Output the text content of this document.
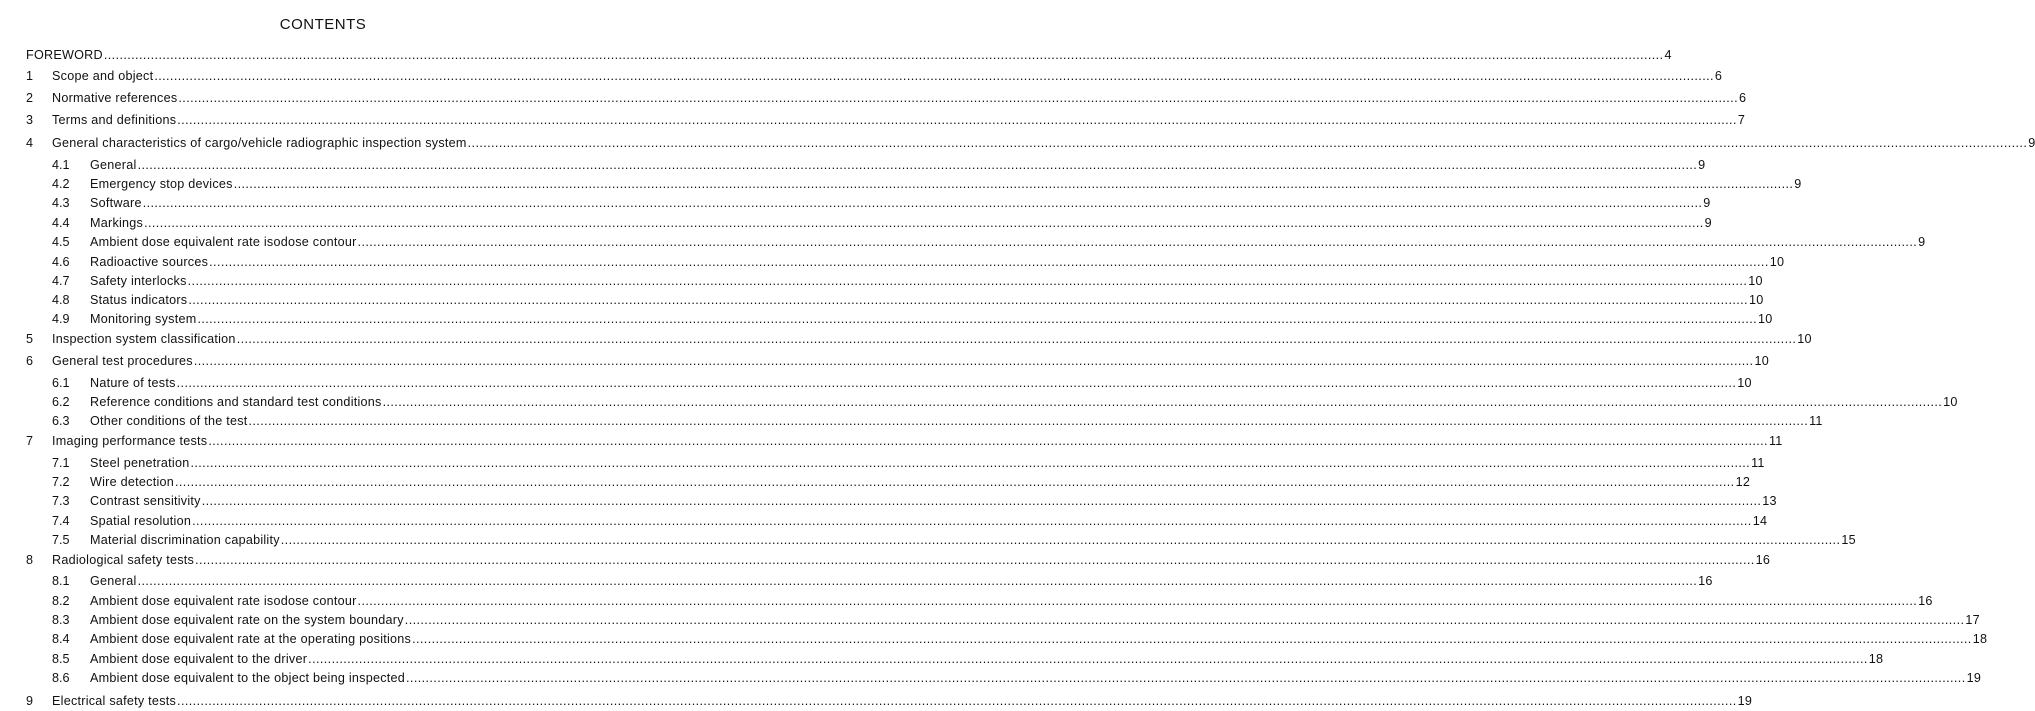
CONTENTS
FOREWORD ................................................................................................................................................................................................................................................................................................................................................................................................................ 4
1 Scope and object ................................................................................................................................................................................................................................................................................................................................................................................................................ 6
2 Normative references ................................................................................................................................................................................................................................................................................................................................................................................................................ 6
3 Terms and definitions ................................................................................................................................................................................................................................................................................................................................................................................................................ 7
4 General characteristics of cargo/vehicle radiographic inspection system ................................................................................................................................................................................................................................................................................................................................................................................................................ 9
4.1 General ................................................................................................................................................................................................................................................................................................................................................................................................................ 9
4.2 Emergency stop devices ................................................................................................................................................................................................................................................................................................................................................................................................................ 9
4.3 Software ................................................................................................................................................................................................................................................................................................................................................................................................................ 9
4.4 Markings ................................................................................................................................................................................................................................................................................................................................................................................................................ 9
4.5 Ambient dose equivalent rate isodose contour ................................................................................................................................................................................................................................................................................................................................................................................................................ 9
4.6 Radioactive sources ................................................................................................................................................................................................................................................................................................................................................................................................................ 10
4.7 Safety interlocks ................................................................................................................................................................................................................................................................................................................................................................................................................ 10
4.8 Status indicators ................................................................................................................................................................................................................................................................................................................................................................................................................ 10
4.9 Monitoring system ................................................................................................................................................................................................................................................................................................................................................................................................................ 10
5 Inspection system classification ................................................................................................................................................................................................................................................................................................................................................................................................................ 10
6 General test procedures ................................................................................................................................................................................................................................................................................................................................................................................................................ 10
6.1 Nature of tests ................................................................................................................................................................................................................................................................................................................................................................................................................ 10
6.2 Reference conditions and standard test conditions ................................................................................................................................................................................................................................................................................................................................................................................................................ 10
6.3 Other conditions of the test ................................................................................................................................................................................................................................................................................................................................................................................................................ 11
7 Imaging performance tests ................................................................................................................................................................................................................................................................................................................................................................................................................ 11
7.1 Steel penetration ................................................................................................................................................................................................................................................................................................................................................................................................................ 11
7.2 Wire detection ................................................................................................................................................................................................................................................................................................................................................................................................................ 12
7.3 Contrast sensitivity ................................................................................................................................................................................................................................................................................................................................................................................................................ 13
7.4 Spatial resolution ................................................................................................................................................................................................................................................................................................................................................................................................................ 14
7.5 Material discrimination capability ................................................................................................................................................................................................................................................................................................................................................................................................................ 15
8 Radiological safety tests ................................................................................................................................................................................................................................................................................................................................................................................................................ 16
8.1 General ................................................................................................................................................................................................................................................................................................................................................................................................................ 16
8.2 Ambient dose equivalent rate isodose contour ................................................................................................................................................................................................................................................................................................................................................................................................................ 16
8.3 Ambient dose equivalent rate on the system boundary ................................................................................................................................................................................................................................................................................................................................................................................................................ 17
8.4 Ambient dose equivalent rate at the operating positions ................................................................................................................................................................................................................................................................................................................................................................................................................ 18
8.5 Ambient dose equivalent to the driver ................................................................................................................................................................................................................................................................................................................................................................................................................ 18
8.6 Ambient dose equivalent to the object being inspected ................................................................................................................................................................................................................................................................................................................................................................................................................ 19
9 Electrical safety tests ................................................................................................................................................................................................................................................................................................................................................................................................................ 19
